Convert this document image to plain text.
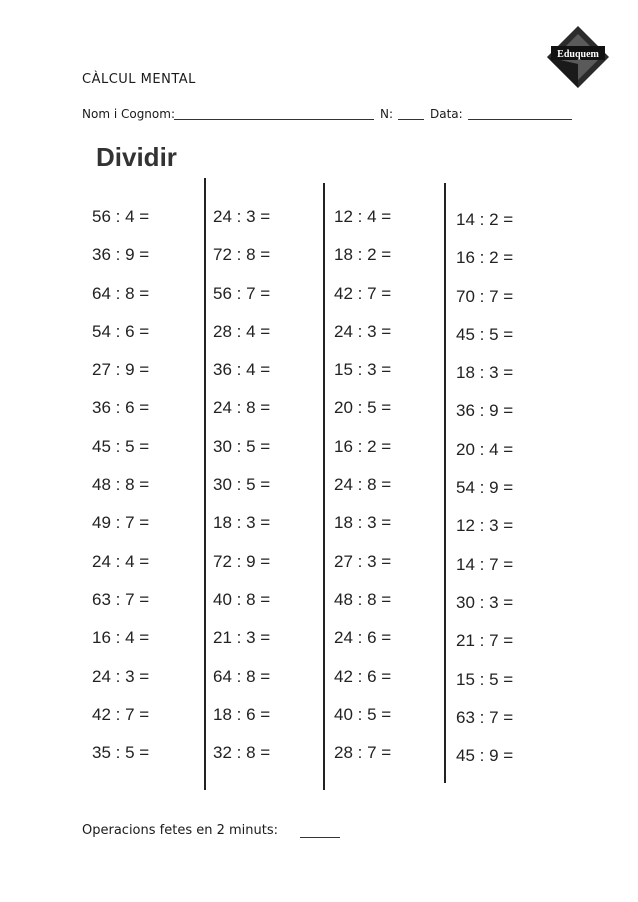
Eduquem
CÀLCUL MENTAL
Nom i Cognom:	N:	Data:
Dividir
56 : 4 =
36 : 9 =
64 : 8 =
54 : 6 =
27 : 9 =
36 : 6 =
45 : 5 =
48 : 8 =
49 : 7 =
24 : 4 =
63 : 7 =
16 : 4 =
24 : 3 =
42 : 7 =
35 : 5 =
24 : 3 =
72 : 8 =
56 : 7 =
28 : 4 =
36 : 4 =
24 : 8 =
30 : 5 =
30 : 5 =
18 : 3 =
72 : 9 =
40 : 8 =
21 : 3 =
64 : 8 =
18 : 6 =
32 : 8 =
12 : 4 =
18 : 2 =
42 : 7 =
24 : 3 =
15 : 3 =
20 : 5 =
16 : 2 =
24 : 8 =
18 : 3 =
27 : 3 =
48 : 8 =
24 : 6 =
42 : 6 =
40 : 5 =
28 : 7 =
14 : 2 =
16 : 2 =
70 : 7 =
45 : 5 =
18 : 3 =
36 : 9 =
20 : 4 =
54 : 9 =
12 : 3 =
14 : 7 =
30 : 3 =
21 : 7 =
15 : 5 =
63 : 7 =
45 : 9 =
Operacions fetes en 2 minuts:
